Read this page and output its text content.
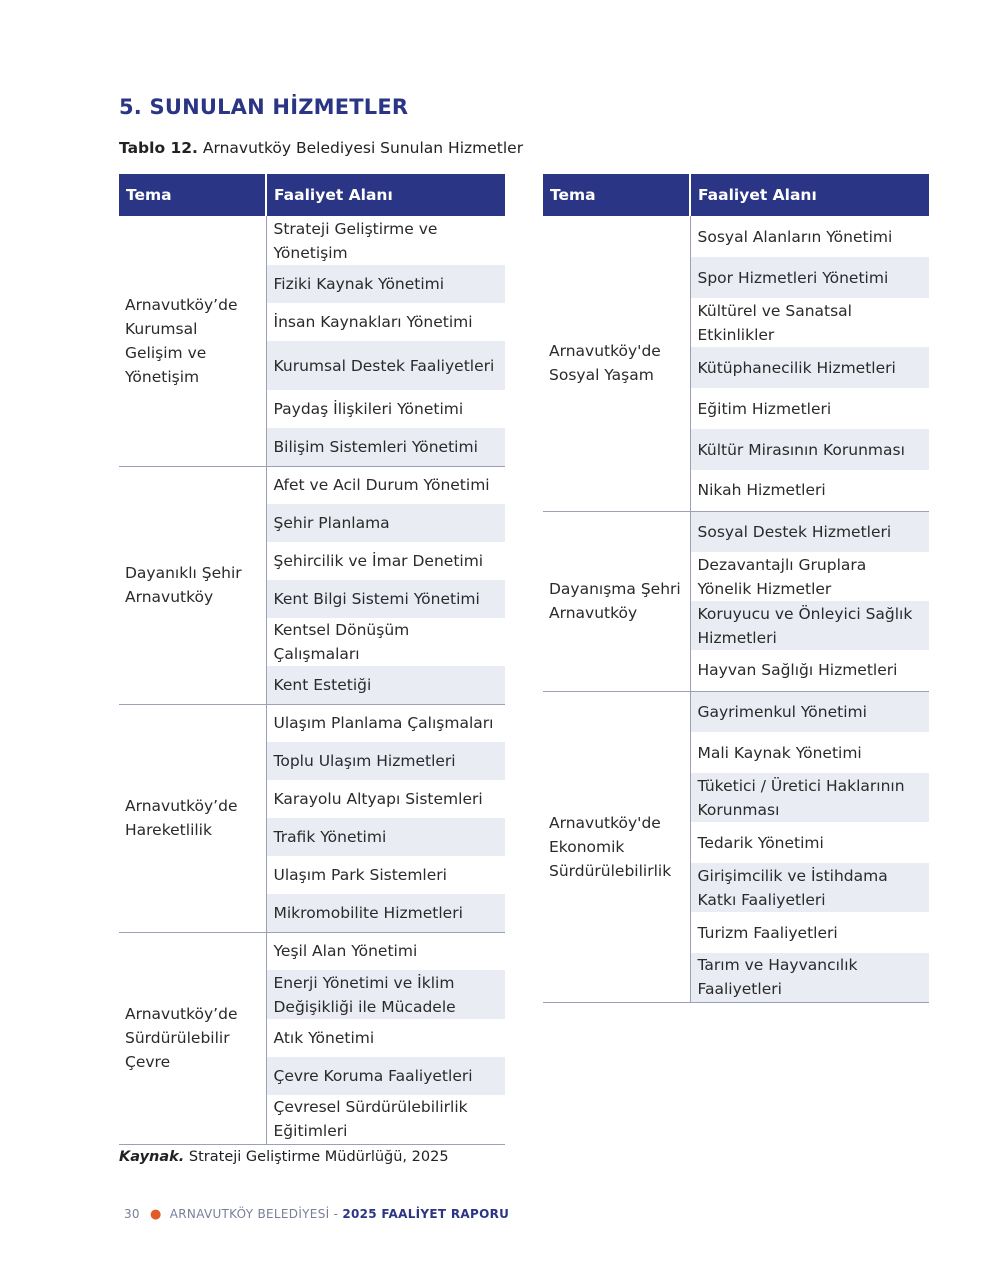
5. SUNULAN HİZMETLER
Tablo 12. Arnavutköy Belediyesi Sunulan Hizmetler
Tema	Faaliyet Alanı
Arnavutköy’de Kurumsal Gelişim ve Yönetişim	Strateji Geliştirme ve Yönetişim

	Fiziki Kaynak Yönetimi

	İnsan Kaynakları Yönetimi

	Kurumsal Destek Faaliyetleri

	Paydaş İlişkileri Yönetimi

	Bilişim Sistemleri Yönetimi

Dayanıklı Şehir Arnavutköy	Afet ve Acil Durum Yönetimi

	Şehir Planlama

	Şehircilik ve İmar Denetimi

	Kent Bilgi Sistemi Yönetimi

	Kentsel Dönüşüm Çalışmaları

	Kent Estetiği

Arnavutköy’de Hareketlilik	Ulaşım Planlama Çalışmaları

	Toplu Ulaşım Hizmetleri

	Karayolu Altyapı Sistemleri

	Trafik Yönetimi

	Ulaşım Park Sistemleri

	Mikromobilite Hizmetleri

Arnavutköy’de Sürdürülebilir Çevre	Yeşil Alan Yönetimi

	Enerji Yönetimi ve İklim Değişikliği ile Mücadele

	Atık Yönetimi

	Çevre Koruma Faaliyetleri

	Çevresel Sürdürülebilirlik Eğitimleri
Tema	Faaliyet Alanı
Arnavutköy'de Sosyal Yaşam	Sosyal Alanların Yönetimi

	Spor Hizmetleri Yönetimi

	Kültürel ve Sanatsal Etkinlikler

	Kütüphanecilik Hizmetleri

	Eğitim Hizmetleri

	Kültür Mirasının Korunması

	Nikah Hizmetleri

Dayanışma Şehri Arnavutköy	Sosyal Destek Hizmetleri

	Dezavantajlı Gruplara Yönelik Hizmetler

	Koruyucu ve Önleyici Sağlık Hizmetleri

	Hayvan Sağlığı Hizmetleri

Arnavutköy'de Ekonomik Sürdürülebilirlik	Gayrimenkul Yönetimi

	Mali Kaynak Yönetimi

	Tüketici / Üretici Haklarının Korunması

	Tedarik Yönetimi

	Girişimcilik ve İstihdama Katkı Faaliyetleri

	Turizm Faaliyetleri

	Tarım ve Hayvancılık Faaliyetleri
Kaynak. Strateji Geliştirme Müdürlüğü, 2025
30 ● ARNAVUTKÖY BELEDİYESİ - 2025 FAALİYET RAPORU
